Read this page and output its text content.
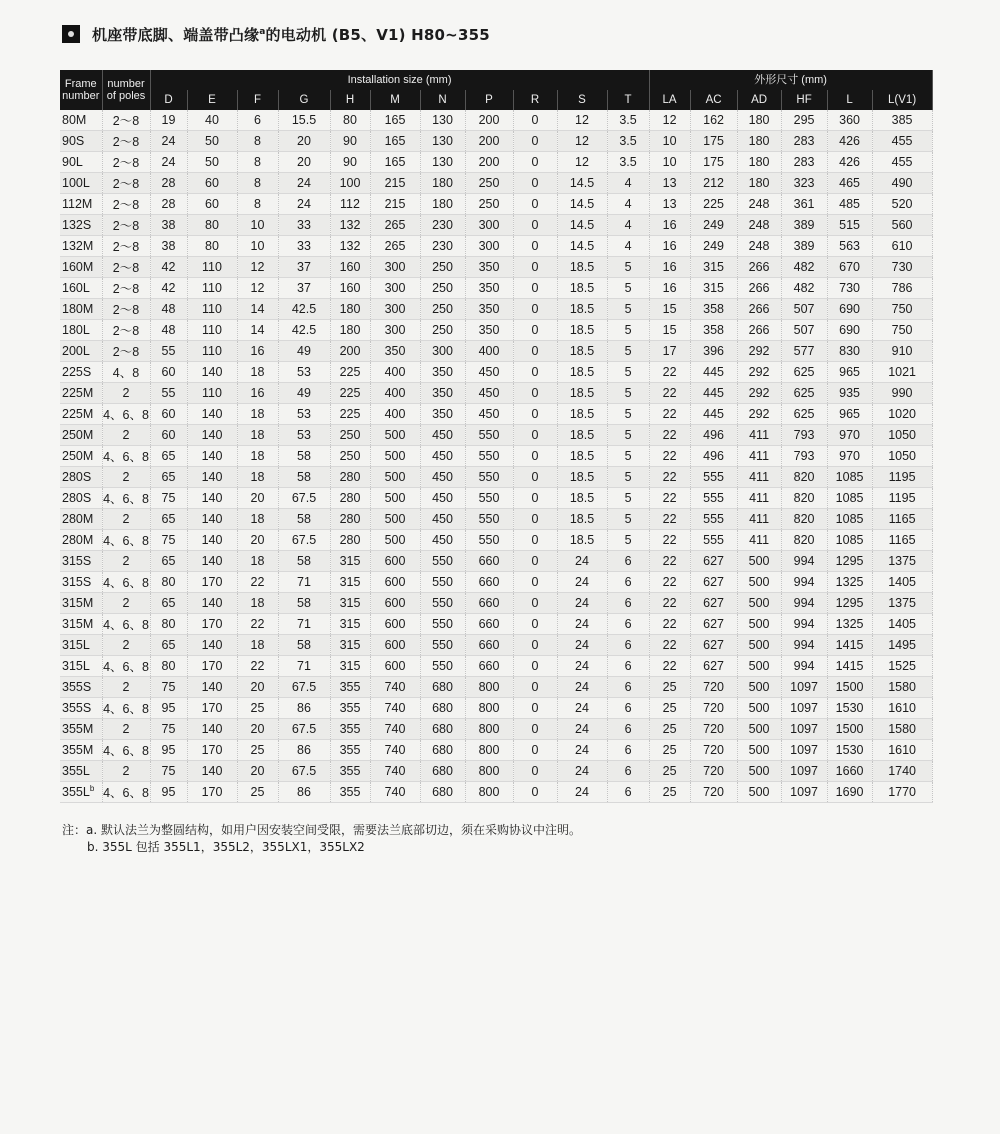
机座带底脚、端盖带凸缘$^a$的电动机 (B5、V1) H80~355
Frame number	number of poles	Installation size (mm)											外形尺寸 (mm)					
		D	E	F	G	H	M	N	P	R	S	T	LA	AC	AD	HF	L	L(V1)
80M	2～8	19	40	6	15.5	80	165	130	200	0	12	3.5	12	162	180	295	360	385
90S	2～8	24	50	8	20	90	165	130	200	0	12	3.5	10	175	180	283	426	455
90L	2～8	24	50	8	20	90	165	130	200	0	12	3.5	10	175	180	283	426	455
100L	2～8	28	60	8	24	100	215	180	250	0	14.5	4	13	212	180	323	465	490
112M	2～8	28	60	8	24	112	215	180	250	0	14.5	4	13	225	248	361	485	520
132S	2～8	38	80	10	33	132	265	230	300	0	14.5	4	16	249	248	389	515	560
132M	2～8	38	80	10	33	132	265	230	300	0	14.5	4	16	249	248	389	563	610
160M	2～8	42	110	12	37	160	300	250	350	0	18.5	5	16	315	266	482	670	730
160L	2～8	42	110	12	37	160	300	250	350	0	18.5	5	16	315	266	482	730	786
180M	2～8	48	110	14	42.5	180	300	250	350	0	18.5	5	15	358	266	507	690	750
180L	2～8	48	110	14	42.5	180	300	250	350	0	18.5	5	15	358	266	507	690	750
200L	2～8	55	110	16	49	200	350	300	400	0	18.5	5	17	396	292	577	830	910
225S	4、8	60	140	18	53	225	400	350	450	0	18.5	5	22	445	292	625	965	1021
225M	2	55	110	16	49	225	400	350	450	0	18.5	5	22	445	292	625	935	990
225M	4、6、8	60	140	18	53	225	400	350	450	0	18.5	5	22	445	292	625	965	1020
250M	2	60	140	18	53	250	500	450	550	0	18.5	5	22	496	411	793	970	1050
250M	4、6、8	65	140	18	58	250	500	450	550	0	18.5	5	22	496	411	793	970	1050
280S	2	65	140	18	58	280	500	450	550	0	18.5	5	22	555	411	820	1085	1195
280S	4、6、8	75	140	20	67.5	280	500	450	550	0	18.5	5	22	555	411	820	1085	1195
280M	2	65	140	18	58	280	500	450	550	0	18.5	5	22	555	411	820	1085	1165
280M	4、6、8	75	140	20	67.5	280	500	450	550	0	18.5	5	22	555	411	820	1085	1165
315S	2	65	140	18	58	315	600	550	660	0	24	6	22	627	500	994	1295	1375
315S	4、6、8	80	170	22	71	315	600	550	660	0	24	6	22	627	500	994	1325	1405
315M	2	65	140	18	58	315	600	550	660	0	24	6	22	627	500	994	1295	1375
315M	4、6、8	80	170	22	71	315	600	550	660	0	24	6	22	627	500	994	1325	1405
315L	2	65	140	18	58	315	600	550	660	0	24	6	22	627	500	994	1415	1495
315L	4、6、8	80	170	22	71	315	600	550	660	0	24	6	22	627	500	994	1415	1525
355S	2	75	140	20	67.5	355	740	680	800	0	24	6	25	720	500	1097	1500	1580
355S	4、6、8	95	170	25	86	355	740	680	800	0	24	6	25	720	500	1097	1530	1610
355M	2	75	140	20	67.5	355	740	680	800	0	24	6	25	720	500	1097	1500	1580
355M	4、6、8	95	170	25	86	355	740	680	800	0	24	6	25	720	500	1097	1530	1610
355L	2	75	140	20	67.5	355	740	680	800	0	24	6	25	720	500	1097	1660	1740
$355L^b$	4、6、8	95	170	25	86	355	740	680	800	0	24	6	25	720	500	1097	1690	1770
注：a. 默认法兰为整圆结构，如用户因安装空间受限，需要法兰底部切边，须在采购协议中注明。
b. 355L 包括 355L1，355L2，355LX1，355LX2
